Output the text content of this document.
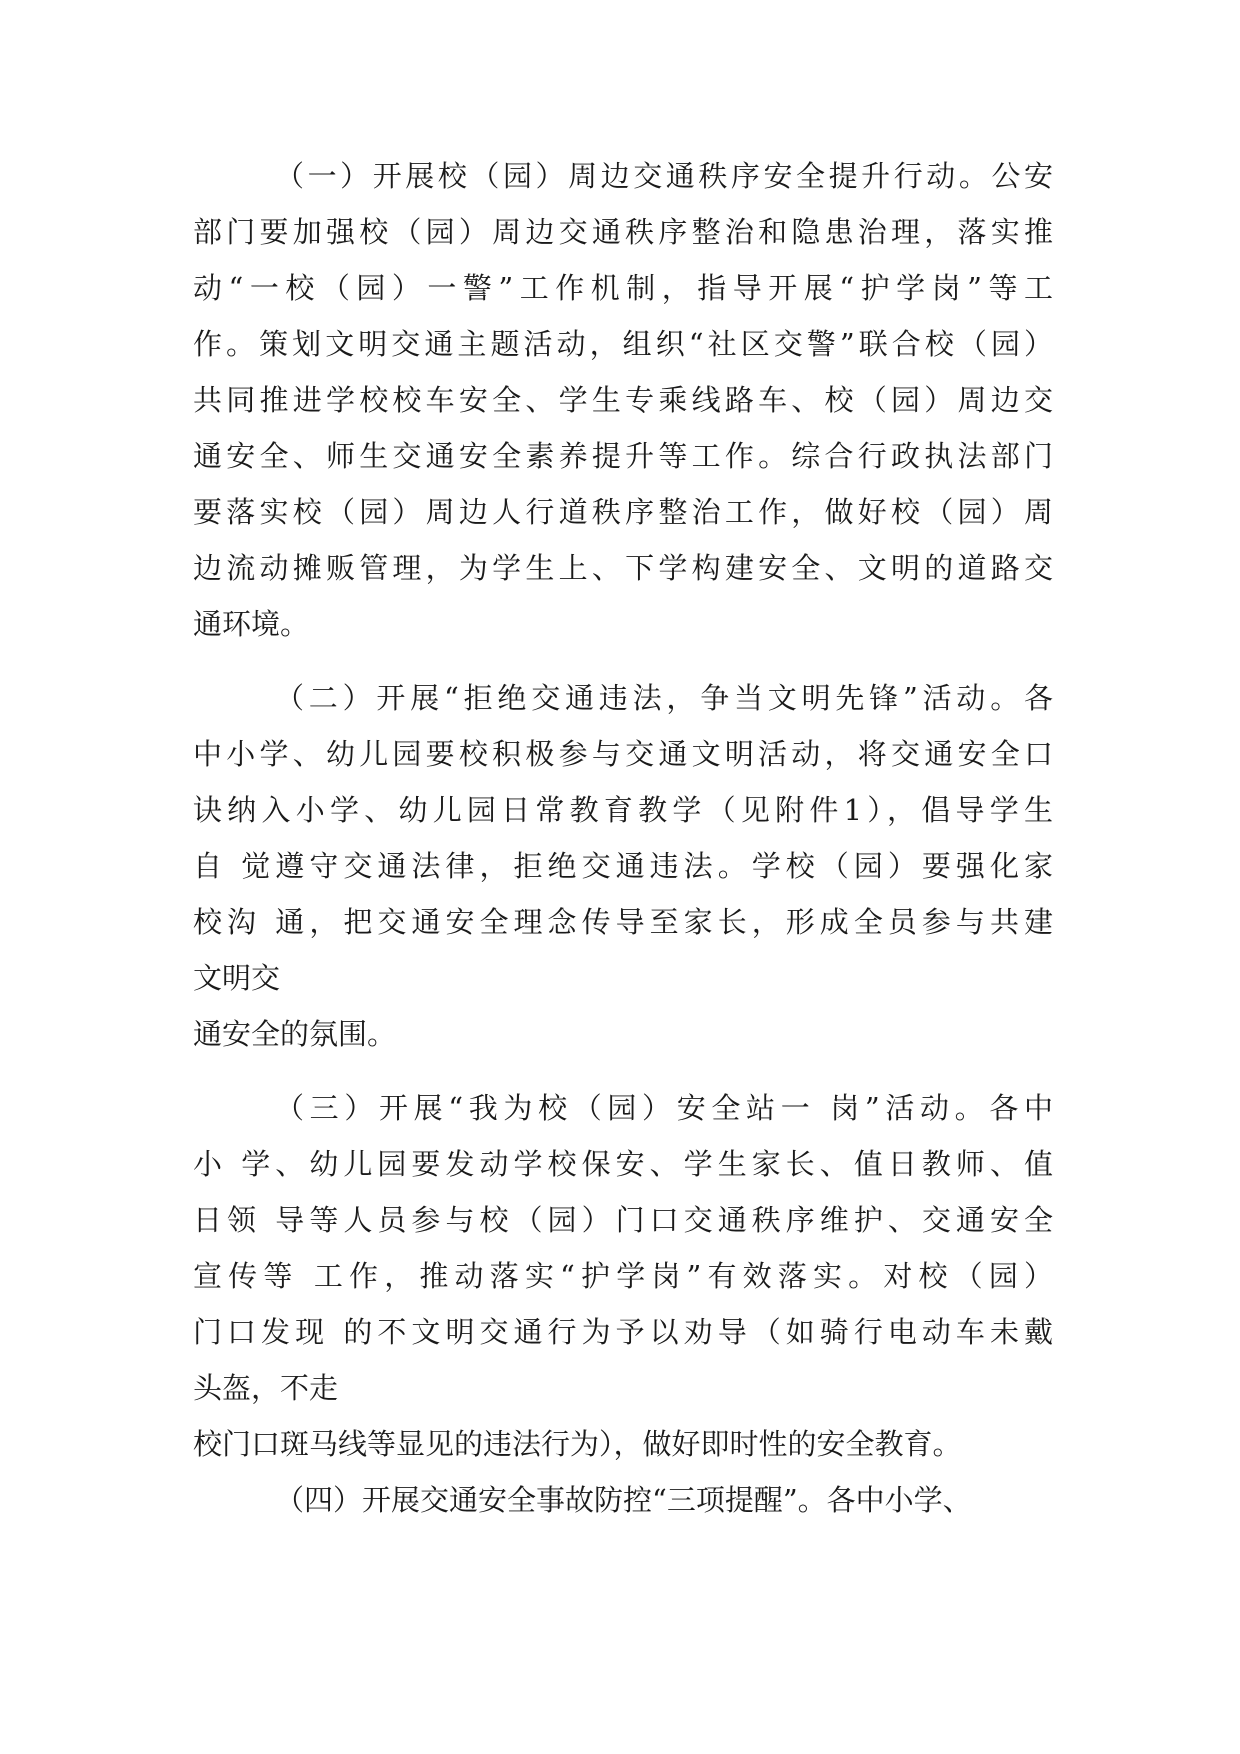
（一）开展校（园）周边交通秩序安全提升行动。公安
部门要加强校（园）周边交通秩序整治和隐患治理，落实推
动“一校（园）一警”工作机制，指导开展“护学岗”等工
作。策划文明交通主题活动，组织“社区交警”联合校（园）
共同推进学校校车安全、学生专乘线路车、校（园）周边交
通安全、师生交通安全素养提升等工作。综合行政执法部门
要落实校（园）周边人行道秩序整治工作，做好校（园）周
边流动摊贩管理，为学生上、下学构建安全、文明的道路交
通环境。
（二）开展“拒绝交通违法，争当文明先锋”活动。各
中小学、幼儿园要校积极参与交通文明活动，将交通安全口
诀纳入小学、幼儿园日常教育教学（见附件1），倡导学生
自 觉遵守交通法律，拒绝交通违法。学校（园）要强化家
校沟 通，把交通安全理念传导至家长，形成全员参与共建
文明交
通安全的氛围。
（三）开展“我为校（园）安全站一 岗”活动。各中
小 学、幼儿园要发动学校保安、学生家长、值日教师、值
日领 导等人员参与校（园）门口交通秩序维护、交通安全
宣传等 工作，推动落实“护学岗”有效落实。对校（园）
门口发现 的不文明交通行为予以劝导（如骑行电动车未戴
头盔，不走
校门口斑马线等显见的违法行为），做好即时性的安全教育。
（四）开展交通安全事故防控“三项提醒”。各中小学、
